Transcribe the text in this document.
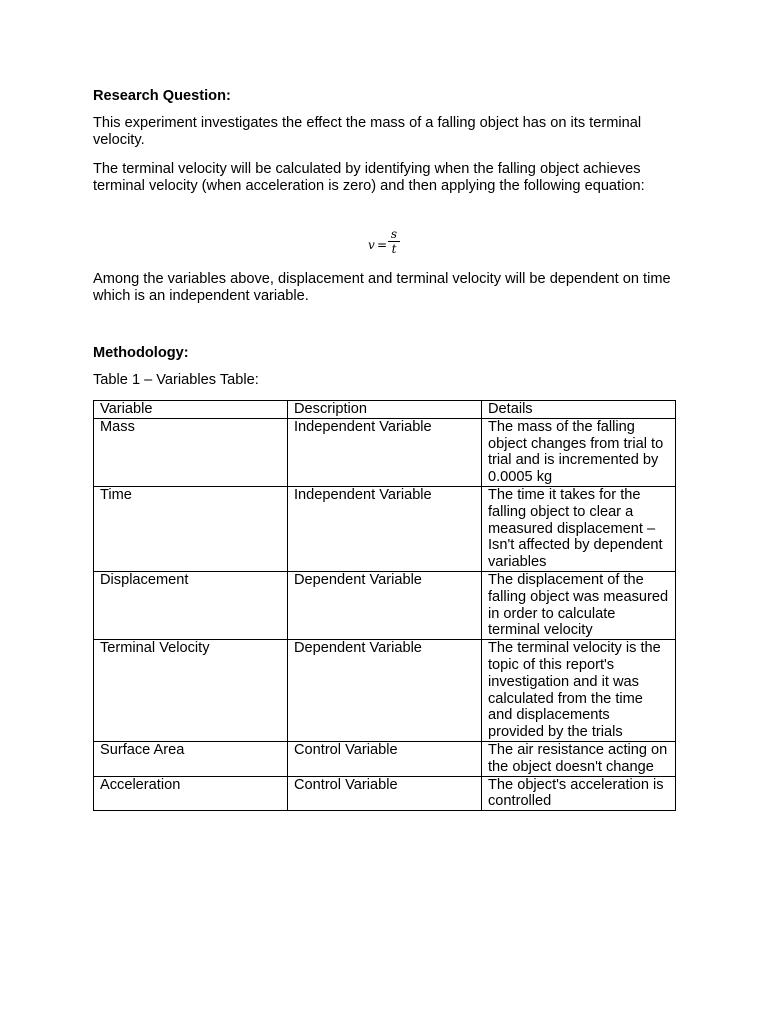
Research Question:
This experiment investigates the effect the mass of a falling object has on its terminal velocity.
The terminal velocity will be calculated by identifying when the falling object achieves terminal velocity (when acceleration is zero) and then applying the following equation:
$v = \frac{s}{t}$
Among the variables above, displacement and terminal velocity will be dependent on time which is an independent variable.
Methodology:
Table 1 – Variables Table:
Variable	Description	Details
Mass	Independent Variable	The mass of the falling object changes from trial to trial and is incremented by 0.0005 kg
Time	Independent Variable	The time it takes for the falling object to clear a measured displacement – Isn't affected by dependent variables
Displacement	Dependent Variable	The displacement of the falling object was measured in order to calculate terminal velocity
Terminal Velocity	Dependent Variable	The terminal velocity is the topic of this report's investigation and it was calculated from the time and displacements provided by the trials
Surface Area	Control Variable	The air resistance acting on the object doesn't change
Acceleration	Control Variable	The object's acceleration is controlled
